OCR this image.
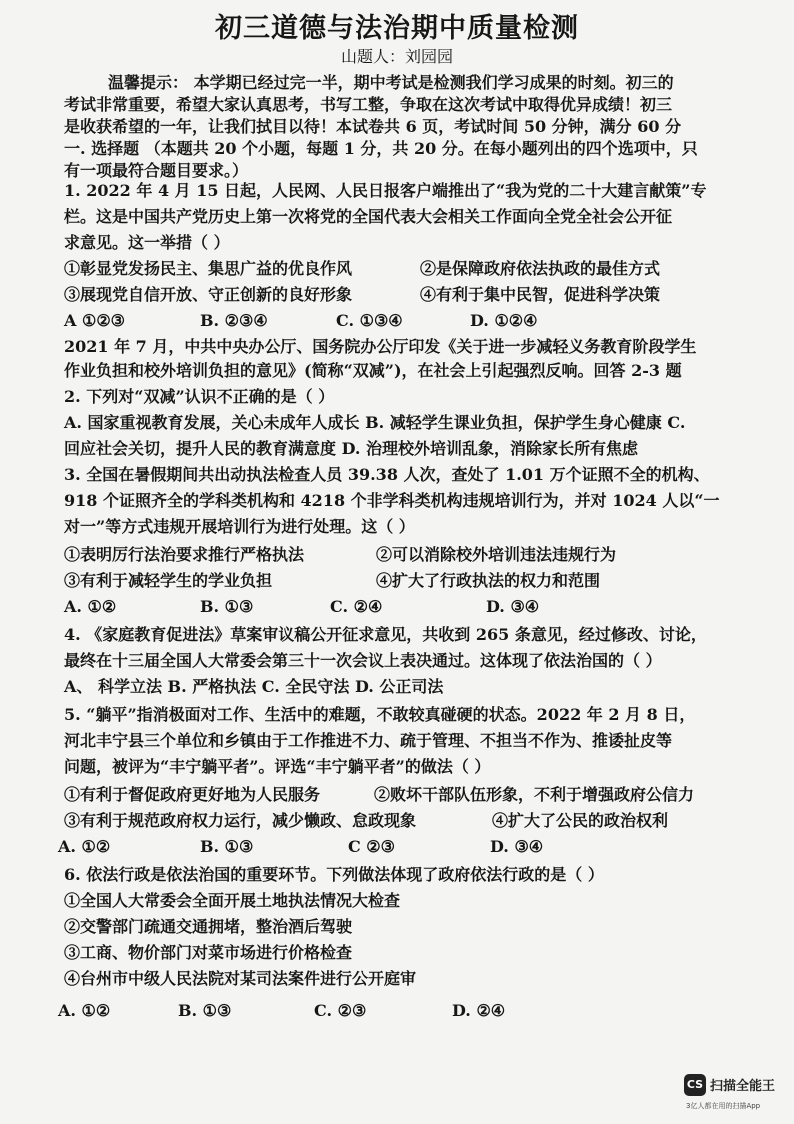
初三道德与法治期中质量检测
山题人：刘园园
温馨提示： 本学期已经过完一半，期中考试是检测我们学习成果的时刻。初三的
考试非常重要，希望大家认真思考，书写工整，争取在这次考试中取得优异成绩！初三
是收获希望的一年，让我们拭目以待！本试卷共 6 页，考试时间 50 分钟，满分 60 分
一. 选择题 （本题共 20 个小题，每题 1 分，共 20 分。在每小题列出的四个选项中，只
有一项最符合题目要求。）
1. 2022 年 4 月 15 日起，人民网、人民日报客户端推出了“我为党的二十大建言献策”专
栏。这是中国共产党历史上第一次将党的全国代表大会相关工作面向全党全社会公开征
求意见。这一举措（ ）
①彰显党发扬民主、集思广益的优良作风	②是保障政府依法执政的最佳方式
③展现党自信开放、守正创新的良好形象	④有利于集中民智，促进科学决策
A ①②③	B. ②③④	C. ①③④	D. ①②④
2021 年 7 月，中共中央办公厅、国务院办公厅印发《关于进一步减轻义务教育阶段学生
作业负担和校外培训负担的意见》(简称“双减”)，在社会上引起强烈反响。回答 2-3 题
2. 下列对“双减”认识不正确的是（ ）
A. 国家重视教育发展，关心未成年人成长 B. 减轻学生课业负担，保护学生身心健康 C.
回应社会关切，提升人民的教育满意度 D. 治理校外培训乱象，消除家长所有焦虑
3. 全国在暑假期间共出动执法检查人员 39.38 人次，查处了 1.01 万个证照不全的机构、
918 个证照齐全的学科类机构和 4218 个非学科类机构违规培训行为，并对 1024 人以“一
对一”等方式违规开展培训行为进行处理。这（ ）
①表明厉行法治要求推行严格执法	②可以消除校外培训违法违规行为
③有利于减轻学生的学业负担	④扩大了行政执法的权力和范围
A. ①②	B. ①③	C. ②④	D. ③④
4. 《家庭教育促进法》草案审议稿公开征求意见，共收到 265 条意见，经过修改、讨论，
最终在十三届全国人大常委会第三十一次会议上表决通过。这体现了依法治国的（ ）
A、 科学立法 B. 严格执法 C. 全民守法 D. 公正司法
5. “躺平”指消极面对工作、生活中的难题，不敢较真碰硬的状态。2022 年 2 月 8 日，
河北丰宁县三个单位和乡镇由于工作推进不力、疏于管理、不担当不作为、推诿扯皮等
问题，被评为“丰宁躺平者”。评选“丰宁躺平者”的做法（ ）
①有利于督促政府更好地为人民服务	②败坏干部队伍形象，不利于增强政府公信力
③有利于规范政府权力运行，减少懒政、怠政现象	④扩大了公民的政治权利
A. ①②	B. ①③	C ②③	D. ③④
6. 依法行政是依法治国的重要环节。下列做法体现了政府依法行政的是（ ）
①全国人大常委会全面开展土地执法情况大检查
②交警部门疏通交通拥堵，整治酒后驾驶
③工商、物价部门对菜市场进行价格检查
④台州市中级人民法院对某司法案件进行公开庭审
A. ①②	B. ①③	C. ②③	D. ②④
CS 扫描全能王
3亿人都在用的扫描App
